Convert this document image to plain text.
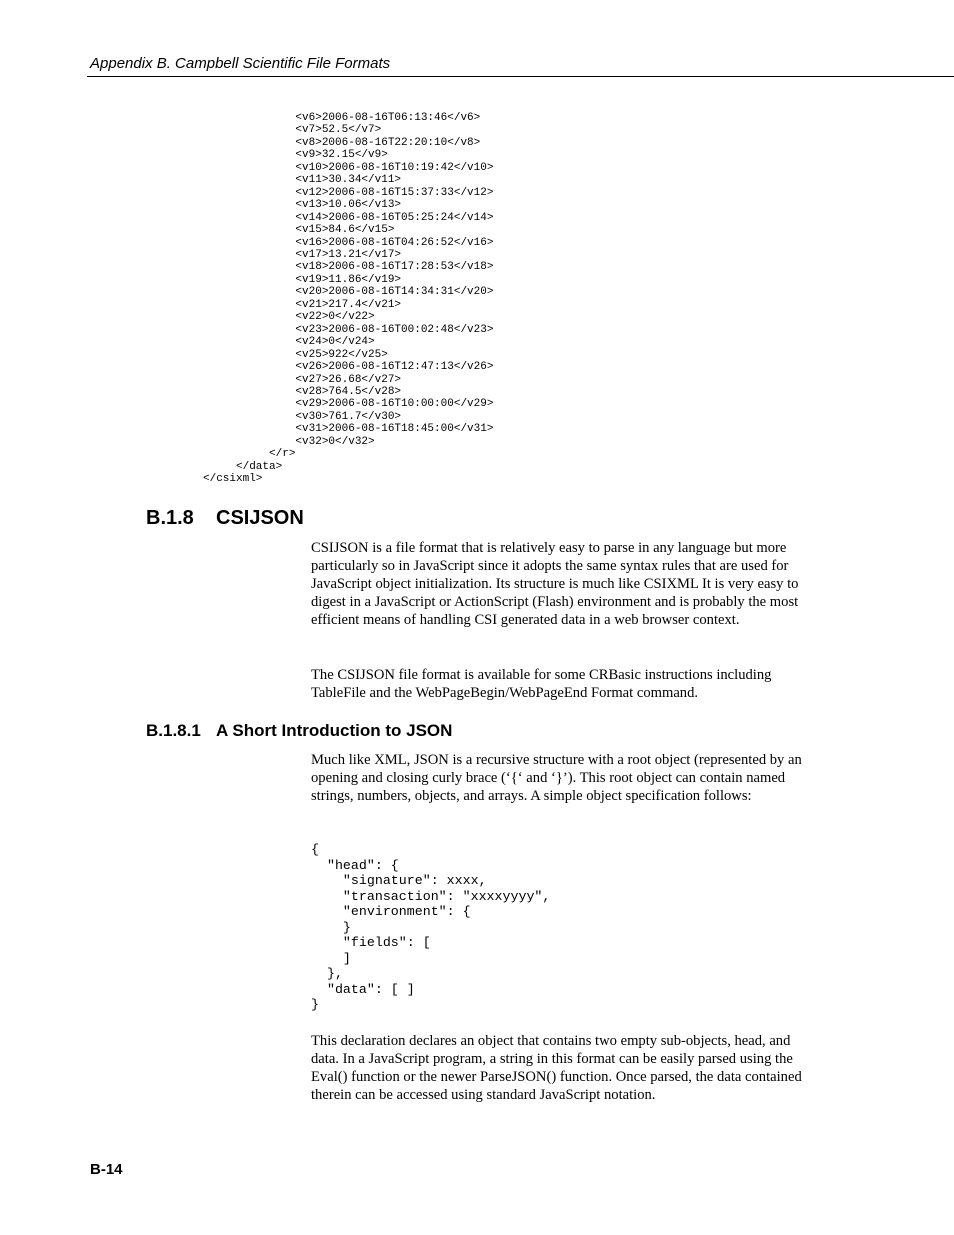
Appendix B. Campbell Scientific File Formats
<v6>2006-08-16T06:13:46</v6>
<v7>52.5</v7>
<v8>2006-08-16T22:20:10</v8>
<v9>32.15</v9>
<v10>2006-08-16T10:19:42</v10>
<v11>30.34</v11>
<v12>2006-08-16T15:37:33</v12>
<v13>10.06</v13>
<v14>2006-08-16T05:25:24</v14>
<v15>84.6</v15>
<v16>2006-08-16T04:26:52</v16>
<v17>13.21</v17>
<v18>2006-08-16T17:28:53</v18>
<v19>11.86</v19>
<v20>2006-08-16T14:34:31</v20>
<v21>217.4</v21>
<v22>0</v22>
<v23>2006-08-16T00:02:48</v23>
<v24>0</v24>
<v25>922</v25>
<v26>2006-08-16T12:47:13</v26>
<v27>26.68</v27>
<v28>764.5</v28>
<v29>2006-08-16T10:00:00</v29>
<v30>761.7</v30>
<v31>2006-08-16T18:45:00</v31>
<v32>0</v32>
</r>
</data>
</csixml>
B.1.8 CSIJSON

CSIJSON is a file format that is relatively easy to parse in any language but more particularly so in JavaScript since it adopts the same syntax rules that are used for JavaScript object initialization. Its structure is much like CSIXML It is very easy to digest in a JavaScript or ActionScript (Flash) environment and is probably the most efficient means of handling CSI generated data in a web browser context.

The CSIJSON file format is available for some CRBasic instructions including TableFile and the WebPageBegin/WebPageEnd Format command.

B.1.8.1 A Short Introduction to JSON

Much like XML, JSON is a recursive structure with a root object (represented by an opening and closing curly brace (‘{‘ and ‘}’). This root object can contain named strings, numbers, objects, and arrays. A simple object specification follows:

{
"head": {
"signature": xxxx,
"transaction": "xxxxyyyy",
"environment": {
}
"fields": [
]
},
"data": [ ]
}

This declaration declares an object that contains two empty sub-objects, head, and data. In a JavaScript program, a string in this format can be easily parsed using the Eval() function or the newer ParseJSON() function. Once parsed, the data contained therein can be accessed using standard JavaScript notation.

B-14
